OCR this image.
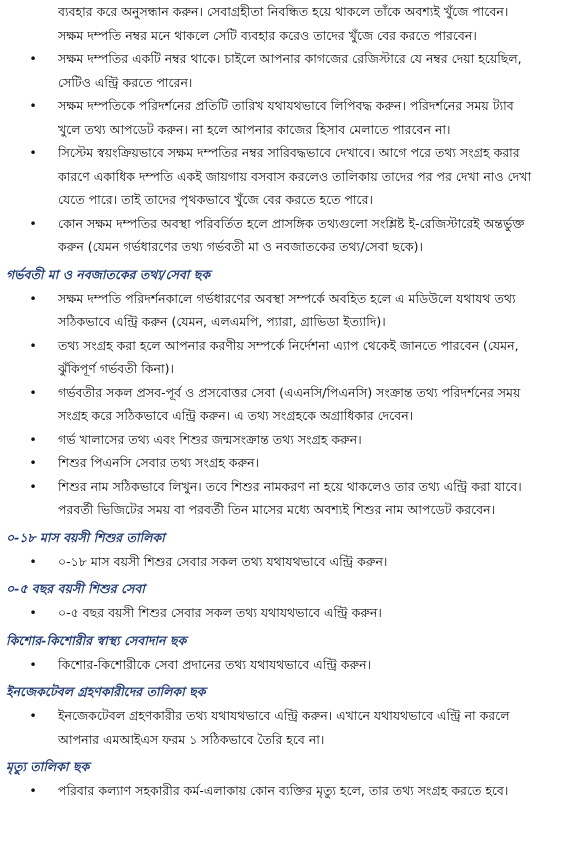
ব্যবহার করে অনুসন্ধান করুন। সেবাগ্রহীতা নিবন্ধিত হয়ে থাকলে তাঁকে অবশ্যই খুঁজে পাবেন।

সক্ষম দম্পতি নম্বর মনে থাকলে সেটি ব্যবহার করেও তাদের খুঁজে বের করতে পারবেন।

•	সক্ষম দম্পতির একটি নম্বর থাকে। চাইলে আপনার কাগজের রেজিস্টারে যে নম্বর দেয়া হয়েছিল,
সেটিও এন্ট্রি করতে পারেন।
•	সক্ষম দম্পতিকে পরিদর্শনের প্রতিটি তারিখ যথাযথভাবে লিপিবদ্ধ করুন। পরিদর্শনের সময় ট্যাব
খুলে তথ্য আপডেট করুন। না হলে আপনার কাজের হিসাব মেলাতে পারবেন না।
•	সিস্টেম স্বয়ংক্রিয়ভাবে সক্ষম দম্পতির নম্বর সারিবদ্ধভাবে দেখাবে। আগে পরে তথ্য সংগ্রহ করার
কারণে একাধিক দম্পতি একই জায়গায় বসবাস করলেও তালিকায় তাদের পর পর দেখা নাও দেখা
যেতে পারে। তাই তাদের পৃথকভাবে খুঁজে বের করতে হতে পারে।
•	কোন সক্ষম দম্পতির অবস্থা পরিবর্তিত হলে প্রাসঙ্গিক তথ্যগুলো সংশ্লিষ্ট ই-রেজিস্টারেই অন্তর্ভুক্ত
করুন (যেমন গর্ভধারণের তথ্য গর্ভবতী মা ও নবজাতকের তথ্য/সেবা ছকে)।
গর্ভবতী মা ও নবজাতকের তথ্য/সেবা ছক
•	সক্ষম দম্পতি পরিদর্শনকালে গর্ভধারণের অবস্থা সম্পর্কে অবহিত হলে এ মডিউলে যথাযথ তথ্য
সঠিকভাবে এন্ট্রি করুন (যেমন, এলএমপি, প্যারা, গ্রাভিডা ইত্যাদি)।
•	তথ্য সংগ্রহ করা হলে আপনার করণীয় সম্পর্কে নির্দেশনা এ্যাপ থেকেই জানতে পারবেন (যেমন,
ঝুঁকিপূর্ণ গর্ভবতী কিনা)।
•	গর্ভবতীর সকল প্রসব-পূর্ব ও প্রসবোত্তর সেবা (এএনসি/পিএনসি) সংক্রান্ত তথ্য পরিদর্শনের সময়
সংগ্রহ করে সঠিকভাবে এন্ট্রি করুন। এ তথ্য সংগ্রহকে অগ্রাধিকার দেবেন।
•	গর্ভ খালাসের তথ্য এবং শিশুর জন্মসংক্রান্ত তথ্য সংগ্রহ করুন।
•	শিশুর পিএনসি সেবার তথ্য সংগ্রহ করুন।
•	শিশুর নাম সঠিকভাবে লিখুন। তবে শিশুর নামকরণ না হয়ে থাকলেও তার তথ্য এন্ট্রি করা যাবে।
পরবর্তী ভিজিটের সময় বা পরবর্তী তিন মাসের মধ্যে অবশ্যই শিশুর নাম আপডেট করবেন।
০-১৮ মাস বয়সী শিশুর তালিকা
•	০-১৮ মাস বয়সী শিশুর সেবার সকল তথ্য যথাযথভাবে এন্ট্রি করুন।
০-৫ বছর বয়সী শিশুর সেবা
•	০-৫ বছর বয়সী শিশুর সেবার সকল তথ্য যথাযথভাবে এন্ট্রি করুন।
কিশোর-কিশোরীর স্বাস্থ্য সেবাদান ছক
•	কিশোর-কিশোরীকে সেবা প্রদানের তথ্য যথাযথভাবে এন্ট্রি করুন।
ইনজেকটেবল গ্রহণকারীদের তালিকা ছক
•	ইনজেকটেবল গ্রহণকারীর তথ্য যথাযথভাবে এন্ট্রি করুন। এখানে যথাযথভাবে এন্ট্রি না করলে
আপনার এমআইএস ফরম ১ সঠিকভাবে তৈরি হবে না।
মৃত্যু তালিকা ছক
•	পরিবার কল্যাণ সহকারীর কর্ম-এলাকায় কোন ব্যক্তির মৃত্যু হলে, তার তথ্য সংগ্রহ করতে হবে।
